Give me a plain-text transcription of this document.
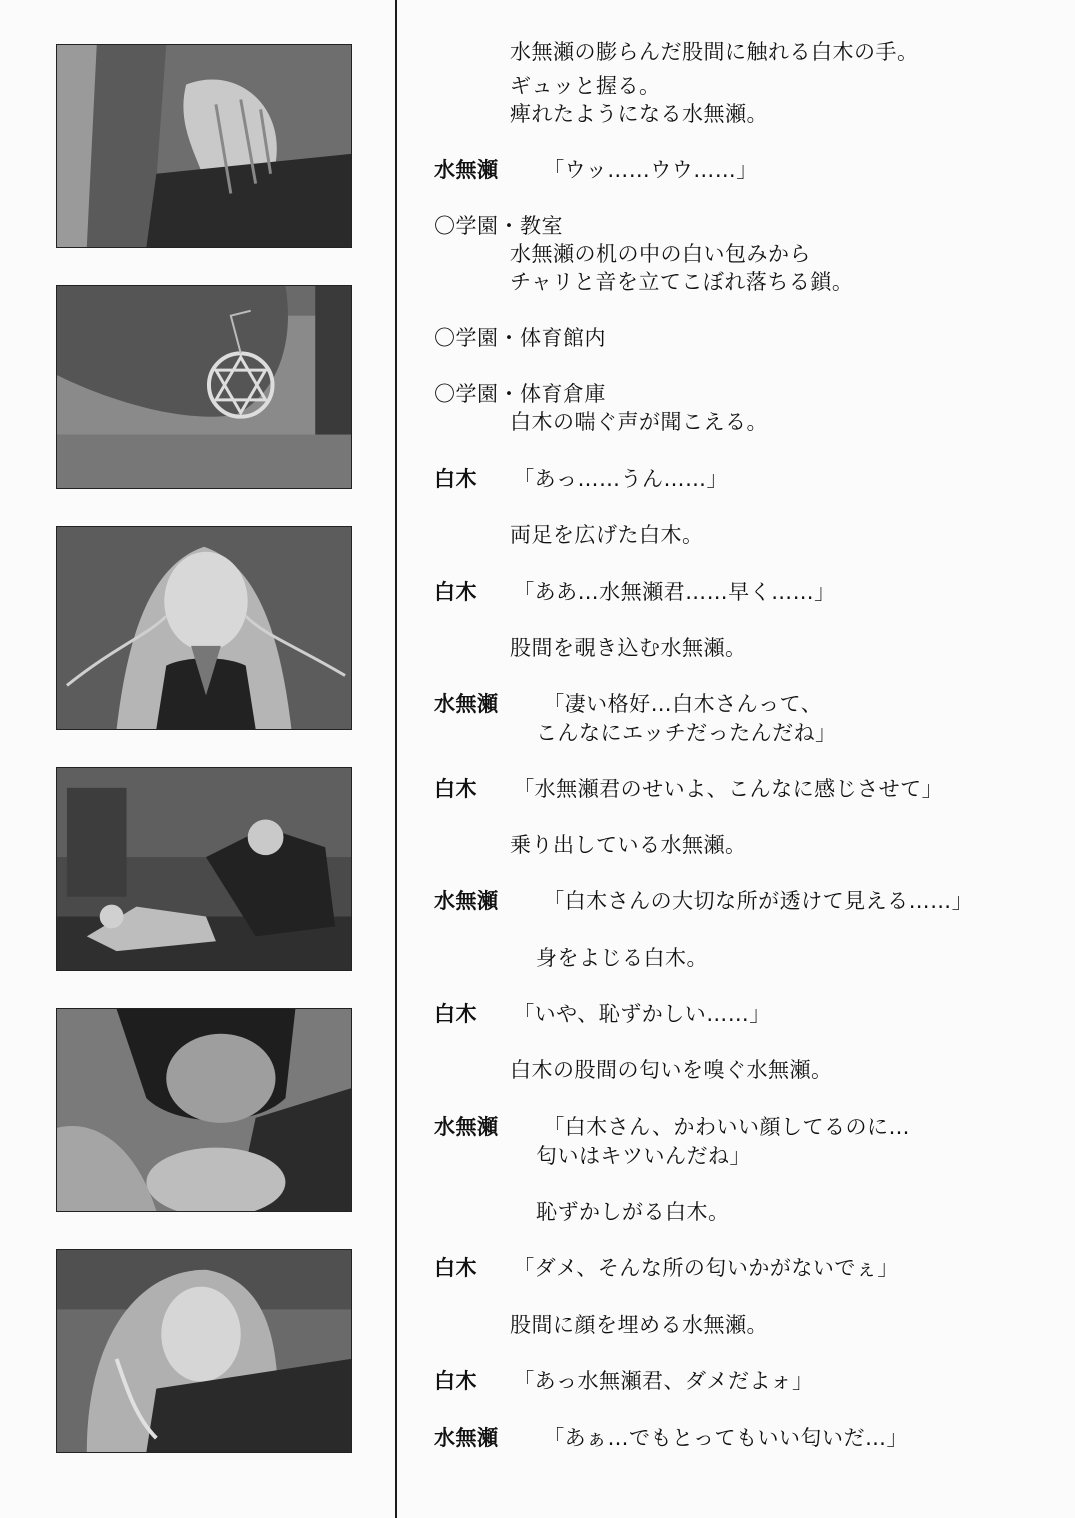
水無瀬の膨らんだ股間に触れる白木の手。
ギュッと握る。
痺れたようになる水無瀬。
水無瀬 「ウッ……ウウ……」
〇学園・教室
水無瀬の机の中の白い包みから
チャリと音を立てこぼれ落ちる鎖。
〇学園・体育館内
〇学園・体育倉庫
白木の喘ぐ声が聞こえる。
白木 「あっ……うん……」
両足を広げた白木。
白木 「ああ…水無瀬君……早く……」
股間を覗き込む水無瀬。
水無瀬 「凄い格好…白木さんって、
こんなにエッチだったんだね」
白木 「水無瀬君のせいよ、こんなに感じさせて」
乗り出している水無瀬。
水無瀬 「白木さんの大切な所が透けて見える……」
身をよじる白木。
白木 「いや、恥ずかしい……」
白木の股間の匂いを嗅ぐ水無瀬。
水無瀬 「白木さん、かわいい顔してるのに…
匂いはキツいんだね」
恥ずかしがる白木。
白木 「ダメ、そんな所の匂いかがないでぇ」
股間に顔を埋める水無瀬。
白木 「あっ水無瀬君、ダメだよォ」
水無瀬 「あぁ…でもとってもいい匂いだ…」
